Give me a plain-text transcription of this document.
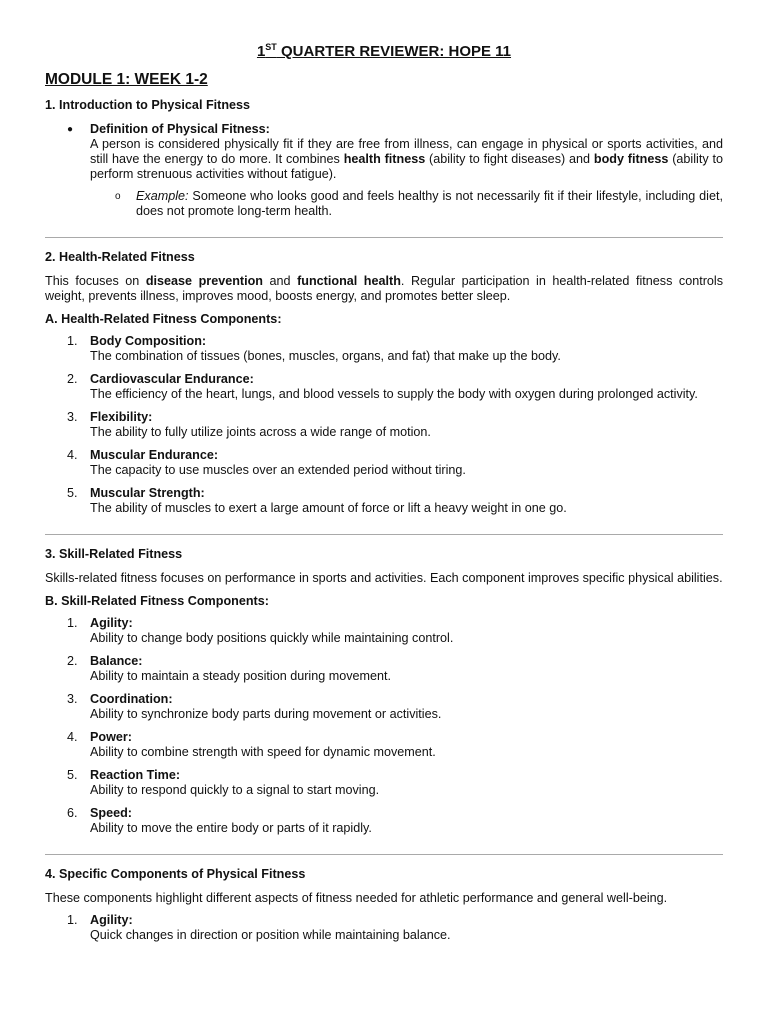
1ST QUARTER REVIEWER: HOPE 11
MODULE 1: WEEK 1-2
1. Introduction to Physical Fitness
● Definition of Physical Fitness:
A person is considered physically fit if they are free from illness, can engage in physical or sports activities, and still have the energy to do more. It combines health fitness (ability to fight diseases) and body fitness (ability to perform strenuous activities without fatigue).
o Example: Someone who looks good and feels healthy is not necessarily fit if their lifestyle, including diet, does not promote long-term health.
2. Health-Related Fitness
This focuses on disease prevention and functional health. Regular participation in health-related fitness controls weight, prevents illness, improves mood, boosts energy, and promotes better sleep.
A. Health-Related Fitness Components:
1. Body Composition:
The combination of tissues (bones, muscles, organs, and fat) that make up the body.
2. Cardiovascular Endurance:
The efficiency of the heart, lungs, and blood vessels to supply the body with oxygen during prolonged activity.
3. Flexibility:
The ability to fully utilize joints across a wide range of motion.
4. Muscular Endurance:
The capacity to use muscles over an extended period without tiring.
5. Muscular Strength:
The ability of muscles to exert a large amount of force or lift a heavy weight in one go.
3. Skill-Related Fitness
Skills-related fitness focuses on performance in sports and activities. Each component improves specific physical abilities.
B. Skill-Related Fitness Components:
1. Agility:
Ability to change body positions quickly while maintaining control.
2. Balance:
Ability to maintain a steady position during movement.
3. Coordination:
Ability to synchronize body parts during movement or activities.
4. Power:
Ability to combine strength with speed for dynamic movement.
5. Reaction Time:
Ability to respond quickly to a signal to start moving.
6. Speed:
Ability to move the entire body or parts of it rapidly.
4. Specific Components of Physical Fitness
These components highlight different aspects of fitness needed for athletic performance and general well-being.
1. Agility:
Quick changes in direction or position while maintaining balance.
